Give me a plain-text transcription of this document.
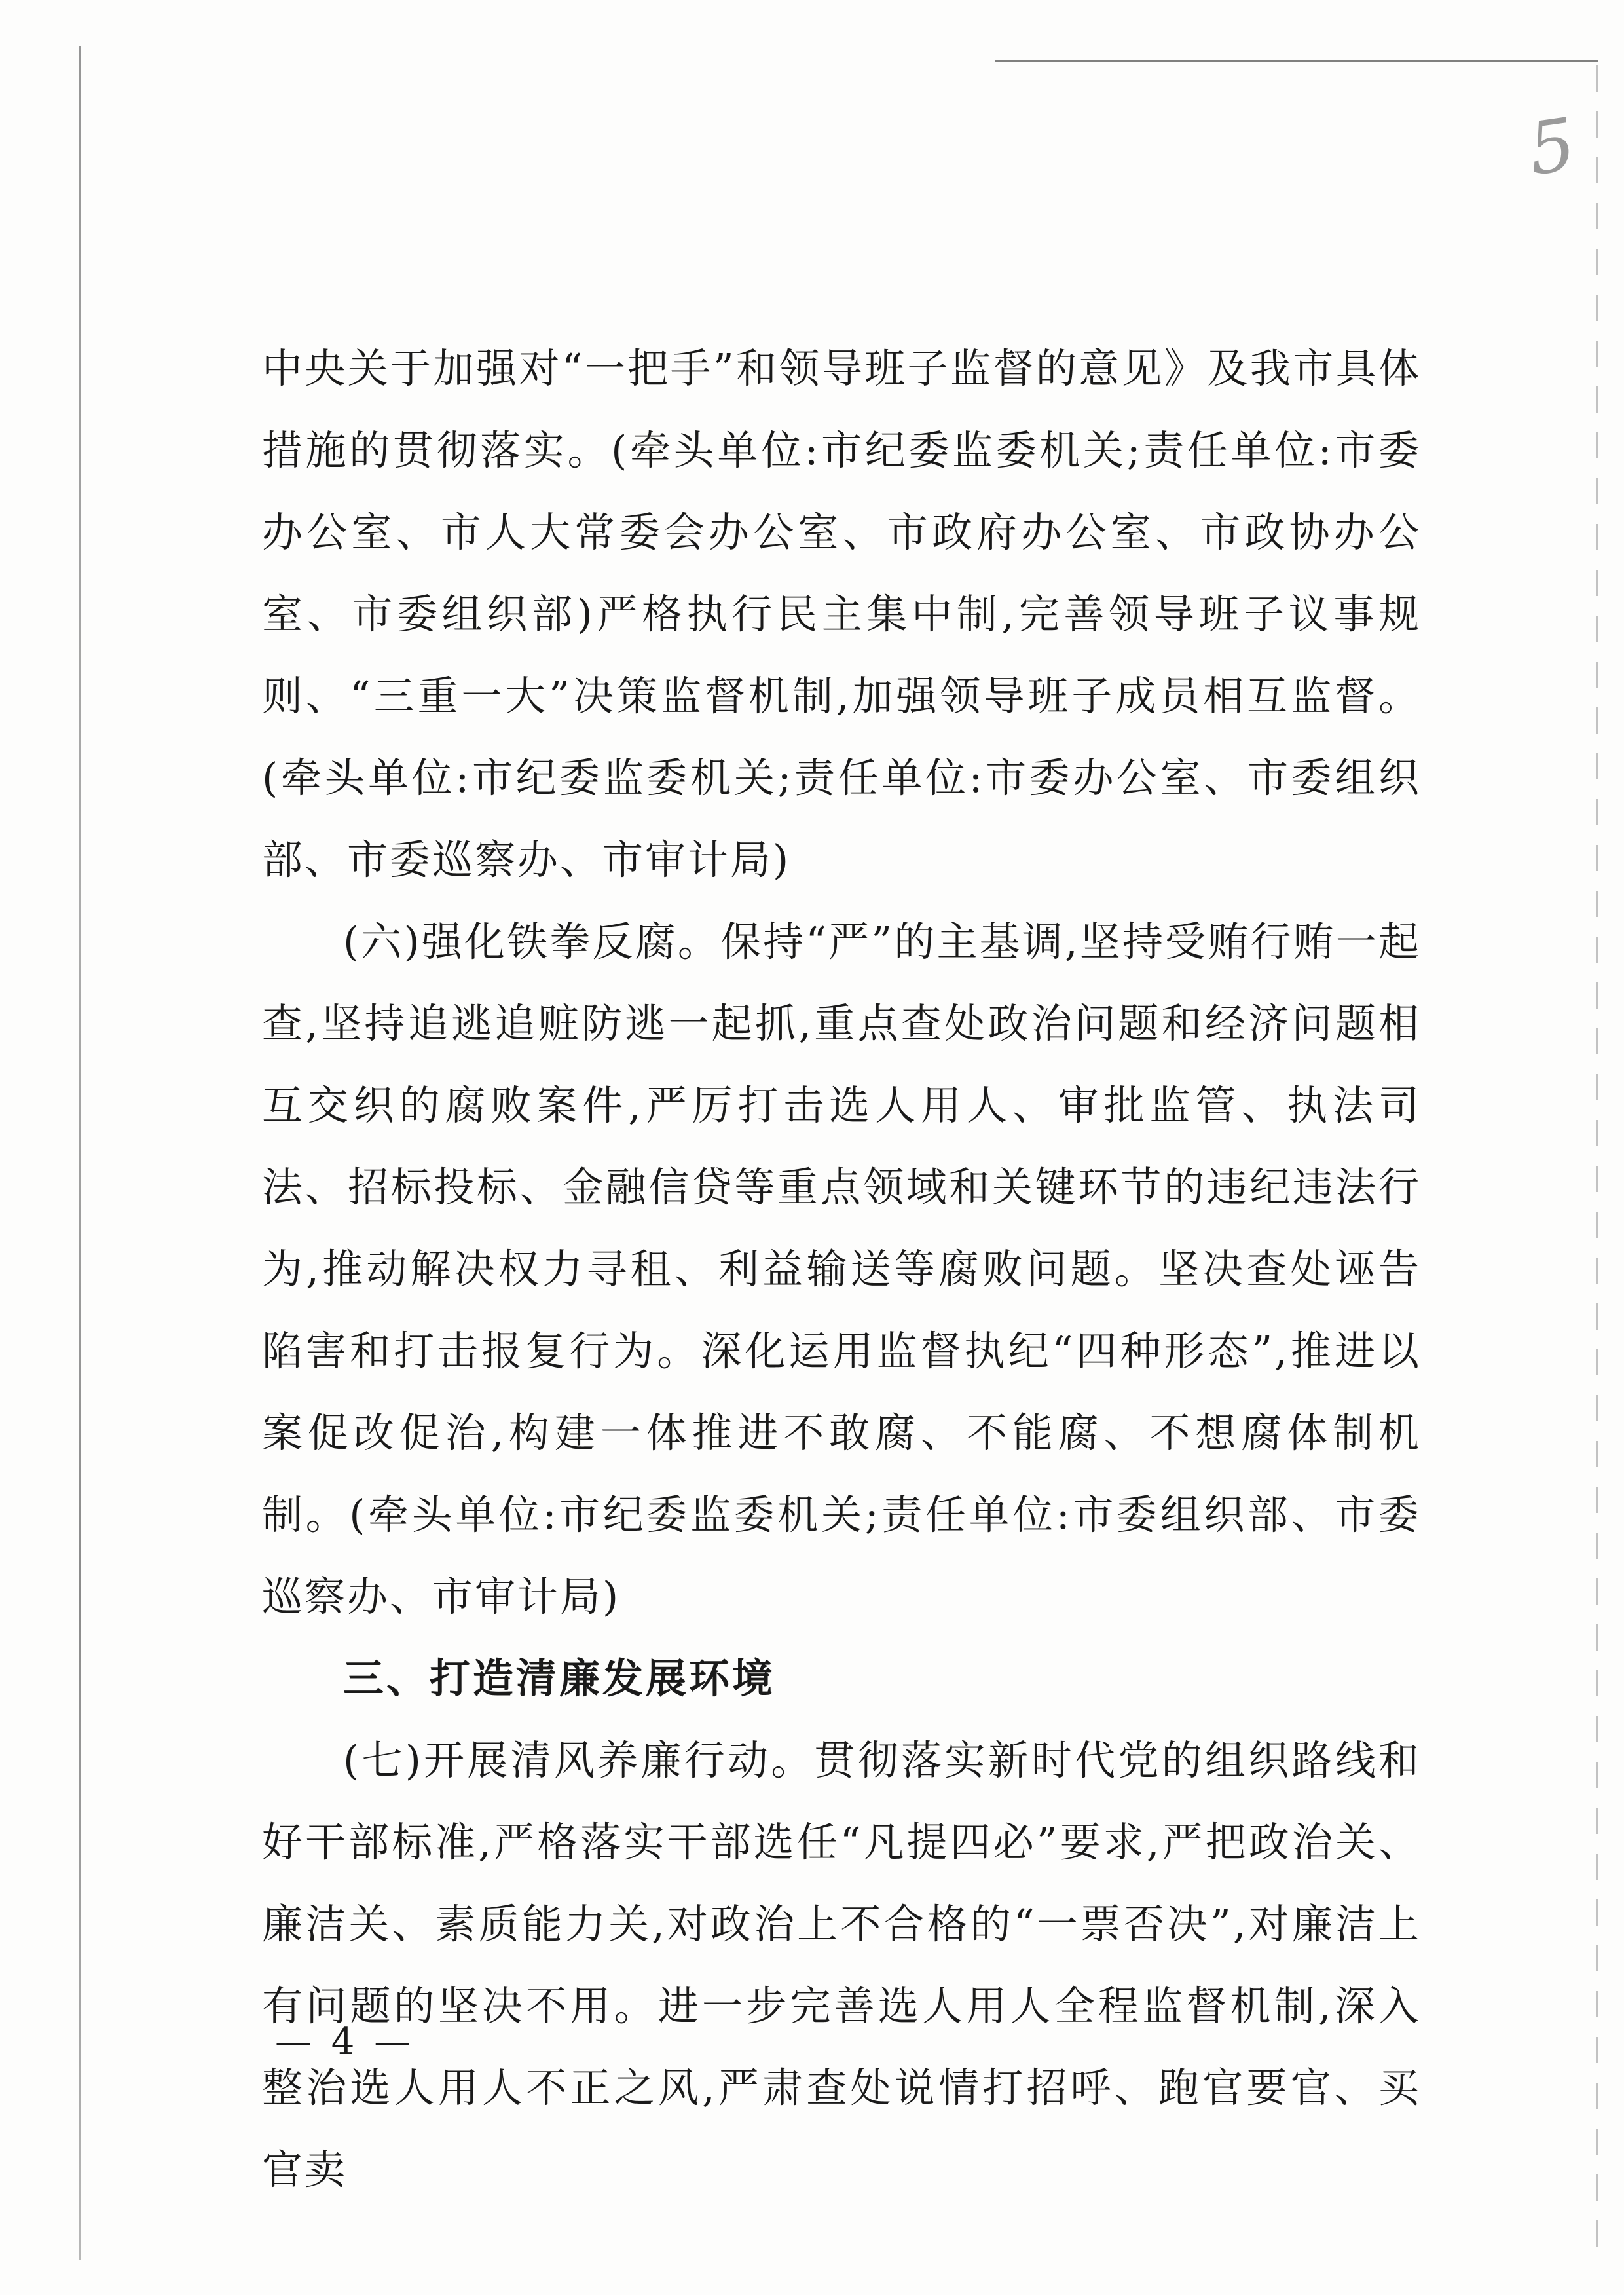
5

中央关于加强对“一把手”和领导班子监督的意见》及我市具体措施的贯彻落实。(牵头单位:市纪委监委机关;责任单位:市委办公室、市人大常委会办公室、市政府办公室、市政协办公室、市委组织部)严格执行民主集中制,完善领导班子议事规则、“三重一大”决策监督机制,加强领导班子成员相互监督。(牵头单位:市纪委监委机关;责任单位:市委办公室、市委组织部、市委巡察办、市审计局)

(六)强化铁拳反腐。保持“严”的主基调,坚持受贿行贿一起查,坚持追逃追赃防逃一起抓,重点查处政治问题和经济问题相互交织的腐败案件,严厉打击选人用人、审批监管、执法司法、招标投标、金融信贷等重点领域和关键环节的违纪违法行为,推动解决权力寻租、利益输送等腐败问题。坚决查处诬告陷害和打击报复行为。深化运用监督执纪“四种形态”,推进以案促改促治,构建一体推进不敢腐、不能腐、不想腐体制机制。(牵头单位:市纪委监委机关;责任单位:市委组织部、市委巡察办、市审计局)

三、打造清廉发展环境

(七)开展清风养廉行动。贯彻落实新时代党的组织路线和好干部标准,严格落实干部选任“凡提四必”要求,严把政治关、廉洁关、素质能力关,对政治上不合格的“一票否决”,对廉洁上有问题的坚决不用。进一步完善选人用人全程监督机制,深入整治选人用人不正之风,严肃查处说情打招呼、跑官要官、买官卖

— 4 —
